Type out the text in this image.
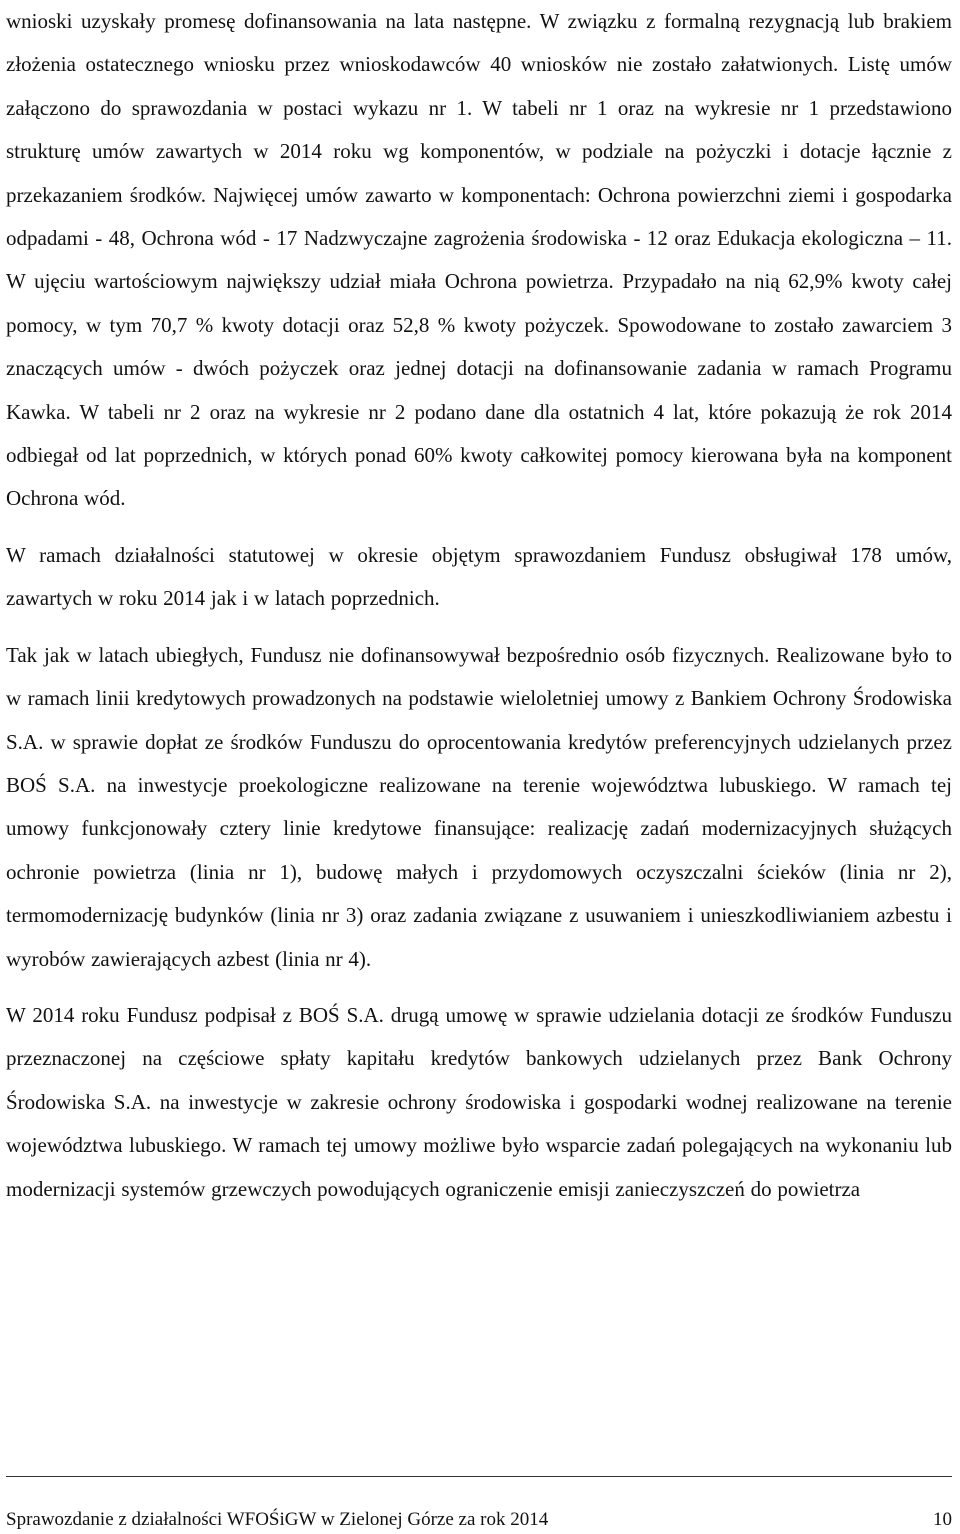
wnioski uzyskały promesę dofinansowania na lata następne. W związku z formalną rezygnacją lub brakiem złożenia ostatecznego wniosku przez wnioskodawców 40 wniosków nie zostało załatwionych. Listę umów załączono do sprawozdania w postaci wykazu nr 1. W tabeli nr 1 oraz na wykresie nr 1 przedstawiono strukturę umów zawartych w 2014 roku wg komponentów, w podziale na pożyczki i dotacje łącznie z przekazaniem środków. Najwięcej umów zawarto w komponentach: Ochrona powierzchni ziemi i gospodarka odpadami - 48, Ochrona wód - 17 Nadzwyczajne zagrożenia środowiska - 12 oraz Edukacja ekologiczna – 11. W ujęciu wartościowym największy udział miała Ochrona powietrza. Przypadało na nią 62,9% kwoty całej pomocy, w tym 70,7 % kwoty dotacji oraz 52,8 % kwoty pożyczek. Spowodowane to zostało zawarciem 3 znaczących umów - dwóch pożyczek oraz jednej dotacji na dofinansowanie zadania w ramach Programu Kawka. W tabeli nr 2 oraz na wykresie nr 2 podano dane dla ostatnich 4 lat, które pokazują że rok 2014 odbiegał od lat poprzednich, w których ponad 60% kwoty całkowitej pomocy kierowana była na komponent Ochrona wód.

W ramach działalności statutowej w okresie objętym sprawozdaniem Fundusz obsługiwał 178 umów, zawartych w roku 2014 jak i w latach poprzednich.

Tak jak w latach ubiegłych, Fundusz nie dofinansowywał bezpośrednio osób fizycznych. Realizowane było to w ramach linii kredytowych prowadzonych na podstawie wieloletniej umowy z Bankiem Ochrony Środowiska S.A. w sprawie dopłat ze środków Funduszu do oprocentowania kredytów preferencyjnych udzielanych przez BOŚ S.A. na inwestycje proekologiczne realizowane na terenie województwa lubuskiego. W ramach tej umowy funkcjonowały cztery linie kredytowe finansujące: realizację zadań modernizacyjnych służących ochronie powietrza (linia nr 1), budowę małych i przydomowych oczyszczalni ścieków (linia nr 2), termomodernizację budynków (linia nr 3) oraz zadania związane z usuwaniem i unieszkodliwianiem azbestu i wyrobów zawierających azbest (linia nr 4).

W 2014 roku Fundusz podpisał z BOŚ S.A. drugą umowę w sprawie udzielania dotacji ze środków Funduszu przeznaczonej na częściowe spłaty kapitału kredytów bankowych udzielanych przez Bank Ochrony Środowiska S.A. na inwestycje w zakresie ochrony środowiska i gospodarki wodnej realizowane na terenie województwa lubuskiego. W ramach tej umowy możliwe było wsparcie zadań polegających na wykonaniu lub modernizacji systemów grzewczych powodujących ograniczenie emisji zanieczyszczeń do powietrza

Sprawozdanie z działalności WFOŚiGW w Zielonej Górze za rok 2014	10
